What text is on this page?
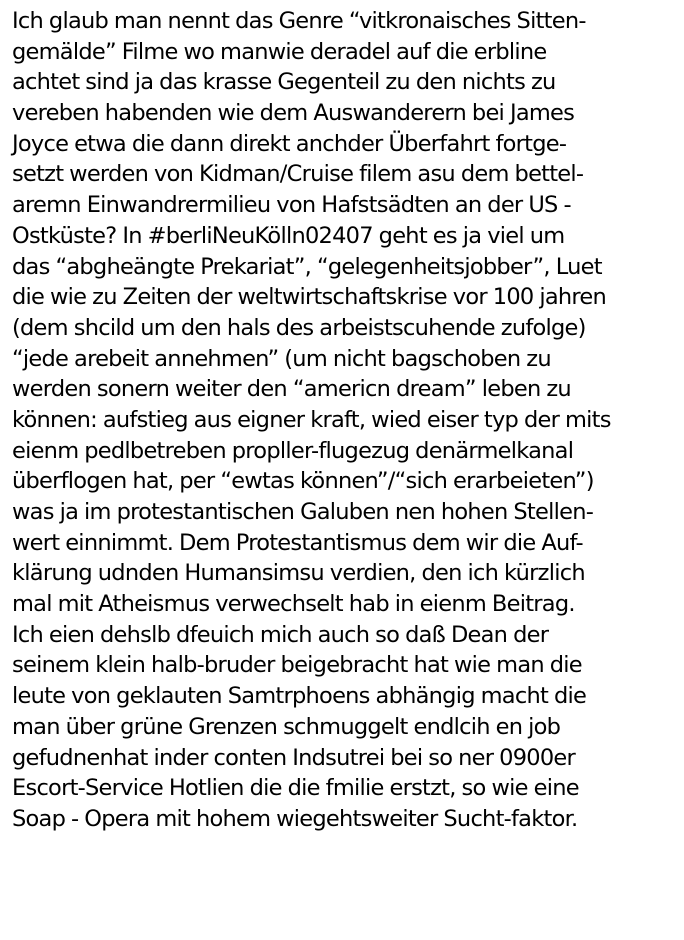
Ich glaub man nennt das Genre “vitkronaisches Sitten-
gemälde” Filme wo manwie deradel auf die erbline
achtet sind ja das krasse Gegenteil zu den nichts zu
vereben habenden wie dem Auswanderern bei James
Joyce etwa die dann direkt anchder Überfahrt fortge-
setzt werden von Kidman/Cruise filem asu dem bettel-
aremn Einwandrermilieu von Hafstsädten an der US -
Ostküste? In #berliNeuKölln02407 geht es ja viel um
das “abgheängte Prekariat”, “gelegenheitsjobber”, Luet
die wie zu Zeiten der weltwirtschaftskrise vor 100 jahren
(dem shcild um den hals des arbeistscuhende zufolge)
“jede arebeit annehmen” (um nicht bagschoben zu
werden sonern weiter den “americn dream” leben zu
können: aufstieg aus eigner kraft, wied eiser typ der mits
eienm pedlbetreben propller-flugezug denärmelkanal
überflogen hat, per “ewtas können”/“sich erarbeieten”)
was ja im protestantischen Galuben nen hohen Stellen-
wert einnimmt. Dem Protestantismus dem wir die Auf-
klärung udnden Humansimsu verdien, den ich kürzlich
mal mit Atheismus verwechselt hab in eienm Beitrag.
Ich eien dehslb dfeuich mich auch so daß Dean der
seinem klein halb-bruder beigebracht hat wie man die
leute von geklauten Samtrphoens abhängig macht die
man über grüne Grenzen schmuggelt endlcih en job
gefudnenhat inder conten Indsutrei bei so ner 0900er
Escort-Service Hotlien die die fmilie erstzt, so wie eine
Soap - Opera mit hohem wiegehtsweiter Sucht-faktor.
